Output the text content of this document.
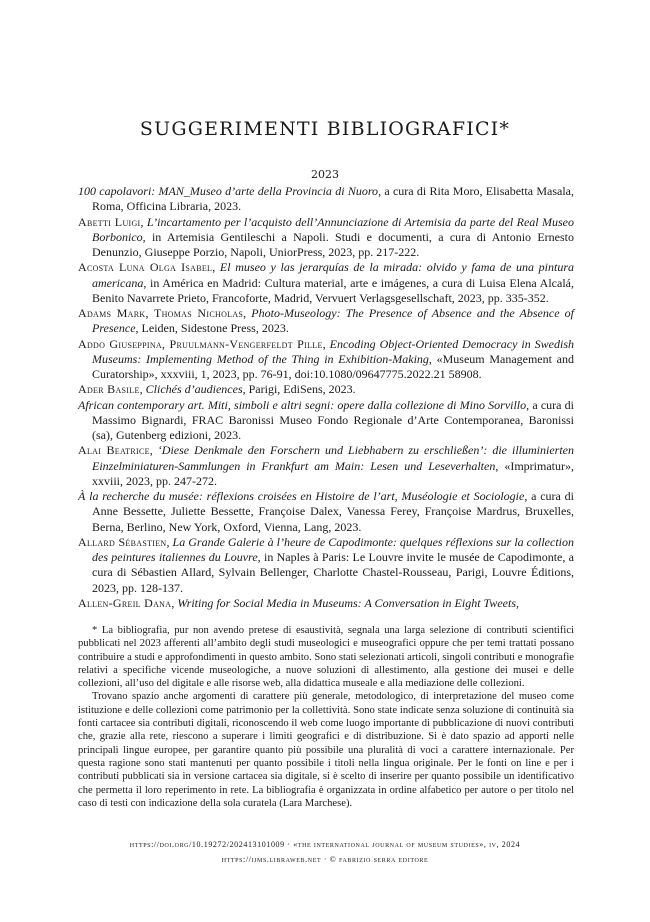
SUGGERIMENTI BIBLIOGRAFICI*
2023

100 capolavori: MAN_Museo d’arte della Provincia di Nuoro, a cura di Rita Moro, Elisabetta Masala, Roma, Officina Libraria, 2023.

Abetti Luigi, L’incartamento per l’acquisto dell’Annunciazione di Artemisia da parte del Real Museo Borbonico, in Artemisia Gentileschi a Napoli. Studi e documenti, a cura di Antonio Ernesto Denunzio, Giuseppe Porzio, Napoli, UniorPress, 2023, pp. 217-222.

Acosta Luna Olga Isabel, El museo y las jerarquías de la mirada: olvido y fama de una pintura americana, in América en Madrid: Cultura material, arte e imágenes, a cura di Luisa Elena Alcalá, Benito Navarrete Prieto, Francoforte, Madrid, Vervuert Verlagsgesellschaft, 2023, pp. 335-352.

Adams Mark, Thomas Nicholas, Photo-Museology: The Presence of Absence and the Absence of Presence, Leiden, Sidestone Press, 2023.

Addo Giuseppina, Pruulmann-Vengerfeldt Pille, Encoding Object-Oriented Democracy in Swedish Museums: Implementing Method of the Thing in Exhibition-Making, «Museum Management and Curatorship», xxxviii, 1, 2023, pp. 76-91, doi:10.1080/09647775.2022.21 58908.

Ader Basile, Clichés d’audiences, Parigi, EdiSens, 2023.

African contemporary art. Miti, simboli e altri segni: opere dalla collezione di Mino Sorvillo, a cura di Massimo Bignardi, FRAC Baronissi Museo Fondo Regionale d’Arte Contemporanea, Baronissi (sa), Gutenberg edizioni, 2023.

Alai Beatrice, ‘Diese Denkmale den Forschern und Liebhabern zu erschließen’: die illuminierten Einzelminiaturen-Sammlungen in Frankfurt am Main: Lesen und Leseverhalten, «Imprimatur», xxviii, 2023, pp. 247-272.

À la recherche du musée: réflexions croisées en Histoire de l’art, Muséologie et Sociologie, a cura di Anne Bessette, Juliette Bessette, Françoise Dalex, Vanessa Ferey, Françoise Mardrus, Bruxelles, Berna, Berlino, New York, Oxford, Vienna, Lang, 2023.

Allard Sébastien, La Grande Galerie à l’heure de Capodimonte: quelques réflexions sur la collection des peintures italiennes du Louvre, in Naples à Paris: Le Louvre invite le musée de Capodimonte, a cura di Sébastien Allard, Sylvain Bellenger, Charlotte Chastel-Rousseau, Parigi, Louvre Éditions, 2023, pp. 128-137.

Allen-Greil Dana, Writing for Social Media in Museums: A Conversation in Eight Tweets,

* La bibliografia, pur non avendo pretese di esaustività, segnala una larga selezione di contributi scientifici pubblicati nel 2023 afferenti all’ambito degli studi museologici e museografici oppure che per temi trattati possano contribuire a studi e approfondimenti in questo ambito. Sono stati selezionati articoli, singoli contributi e monografie relativi a specifiche vicende museologiche, a nuove soluzioni di allestimento, alla gestione dei musei e delle collezioni, all’uso del digitale e alle risorse web, alla didattica museale e alla mediazione delle collezioni.

Trovano spazio anche argomenti di carattere più generale, metodologico, di interpretazione del museo come istituzione e delle collezioni come patrimonio per la collettività. Sono state indicate senza soluzione di continuità sia fonti cartacee sia contributi digitali, riconoscendo il web come luogo importante di pubblicazione di nuovi contributi che, grazie alla rete, riescono a superare i limiti geografici e di distribuzione. Si è dato spazio ad apporti nelle principali lingue europee, per garantire quanto più possibile una pluralità di voci a carattere internazionale. Per questa ragione sono stati mantenuti per quanto possibile i titoli nella lingua originale. Per le fonti on line e per i contributi pubblicati sia in versione cartacea sia digitale, si è scelto di inserire per quanto possibile un identificativo che permetta il loro reperimento in rete. La bibliografia è organizzata in ordine alfabetico per autore o per titolo nel caso di testi con indicazione della sola curatela (Lara Marchese).

https://doi.org/10.19272/202413101009 · «the international journal of museum studies», iv, 2024
https://ijms.libraweb.net · © fabrizio serra editore
